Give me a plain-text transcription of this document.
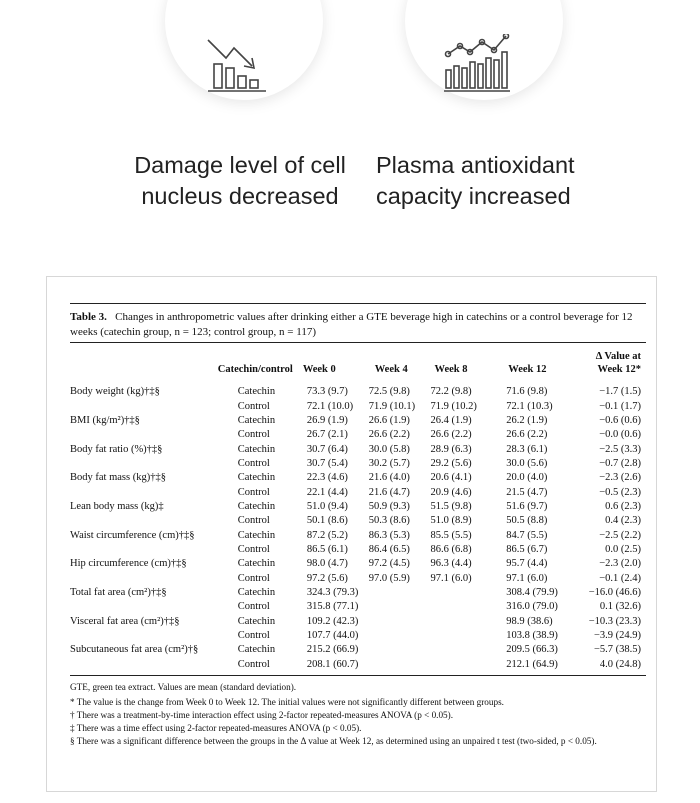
Damage level of cell
nucleus decreased
Plasma antioxidant
capacity increased
Table 3. Changes in anthropometric values after drinking either a GTE beverage high in catechins or a control beverage for 12 weeks (catechin group, n = 123; control group, n = 117)
	Catechin/control	Week 0	Week 4	Week 8	Week 12	Δ Value at Week 12*

Body weight (kg)†‡§	Catechin	73.3 (9.7)	72.5 (9.8)	72.2 (9.8)	71.6 (9.8)	−1.7 (1.5)
	Control	72.1 (10.0)	71.9 (10.1)	71.9 (10.2)	72.1 (10.3)	−0.1 (1.7)
BMI (kg/m²)†‡§	Catechin	26.9 (1.9)	26.6 (1.9)	26.4 (1.9)	26.2 (1.9)	−0.6 (0.6)
	Control	26.7 (2.1)	26.6 (2.2)	26.6 (2.2)	26.6 (2.2)	−0.0 (0.6)
Body fat ratio (%)†‡§	Catechin	30.7 (6.4)	30.0 (5.8)	28.9 (6.3)	28.3 (6.1)	−2.5 (3.3)
	Control	30.7 (5.4)	30.2 (5.7)	29.2 (5.6)	30.0 (5.6)	−0.7 (2.8)
Body fat mass (kg)†‡§	Catechin	22.3 (4.6)	21.6 (4.0)	20.6 (4.1)	20.0 (4.0)	−2.3 (2.6)
	Control	22.1 (4.4)	21.6 (4.7)	20.9 (4.6)	21.5 (4.7)	−0.5 (2.3)
Lean body mass (kg)‡	Catechin	51.0 (9.4)	50.9 (9.3)	51.5 (9.8)	51.6 (9.7)	0.6 (2.3)
	Control	50.1 (8.6)	50.3 (8.6)	51.0 (8.9)	50.5 (8.8)	0.4 (2.3)
Waist circumference (cm)†‡§	Catechin	87.2 (5.2)	86.3 (5.3)	85.5 (5.5)	84.7 (5.5)	−2.5 (2.2)
	Control	86.5 (6.1)	86.4 (6.5)	86.6 (6.8)	86.5 (6.7)	0.0 (2.5)
Hip circumference (cm)†‡§	Catechin	98.0 (4.7)	97.2 (4.5)	96.3 (4.4)	95.7 (4.4)	−2.3 (2.0)
	Control	97.2 (5.6)	97.0 (5.9)	97.1 (6.0)	97.1 (6.0)	−0.1 (2.4)
Total fat area (cm²)†‡§	Catechin	324.3 (79.3)			308.4 (79.9)	−16.0 (46.6)
	Control	315.8 (77.1)			316.0 (79.0)	0.1 (32.6)
Visceral fat area (cm²)†‡§	Catechin	109.2 (42.3)			98.9 (38.6)	−10.3 (23.3)
	Control	107.7 (44.0)			103.8 (38.9)	−3.9 (24.9)
Subcutaneous fat area (cm²)†§	Catechin	215.2 (66.9)			209.5 (66.3)	−5.7 (38.5)
	Control	208.1 (60.7)			212.1 (64.9)	4.0 (24.8)

GTE, green tea extract. Values are mean (standard deviation).

* The value is the change from Week 0 to Week 12. The initial values were not significantly different between groups.

† There was a treatment-by-time interaction effect using 2-factor repeated-measures ANOVA (p < 0.05).

‡ There was a time effect using 2-factor repeated-measures ANOVA (p < 0.05).

§ There was a significant difference between the groups in the Δ value at Week 12, as determined using an unpaired t test (two-sided, p < 0.05).
